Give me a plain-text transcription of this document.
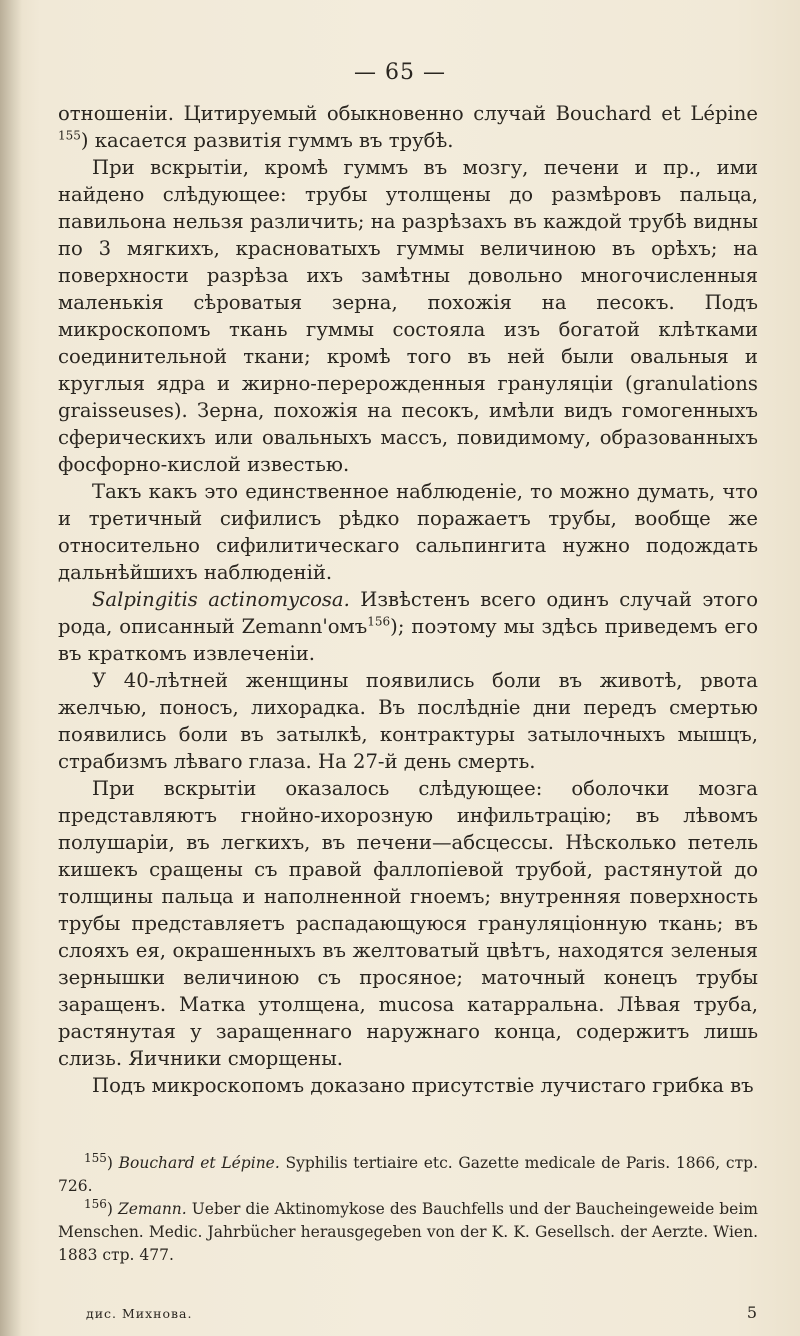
— 65 —

отношеніи. Цитируемый обыкновенно случай Bouchard et Lépine $^{155}$) касается развитія гуммъ въ трубѣ.

При вскрытіи, кромѣ гуммъ въ мозгу, печени и пр., ими найдено слѣдующее: трубы утолщены до размѣровъ пальца, павильона нельзя различить; на разрѣзахъ въ каждой трубѣ видны по 3 мягкихъ, красноватыхъ гуммы величиною въ орѣхъ; на поверхности разрѣза ихъ замѣтны довольно многочисленныя маленькія сѣроватыя зерна, похожія на песокъ. Подъ микроскопомъ ткань гуммы состояла изъ богатой клѣтками соединительной ткани; кромѣ того въ ней были овальныя и круглыя ядра и жирно-перерожденныя грануляціи (granulations graisseuses). Зерна, похожія на песокъ, имѣли видъ гомогенныхъ сферическихъ или овальныхъ массъ, повидимому, образованныхъ фосфорно-кислой известью.

Такъ какъ это единственное наблюденіе, то можно думать, что и третичный сифилисъ рѣдко поражаетъ трубы, вообще же относительно сифилитическаго сальпингита нужно подождать дальнѣйшихъ наблюденій.

Salpingitis actinomycosa. Извѣстенъ всего одинъ случай этого рода, описанный Zemann'омъ$^{156}$); поэтому мы здѣсь приведемъ его въ краткомъ извлеченіи.

У 40-лѣтней женщины появились боли въ животѣ, рвота желчью, поносъ, лихорадка. Въ послѣдніе дни передъ смертью появились боли въ затылкѣ, контрактуры затылочныхъ мышцъ, страбизмъ лѣваго глаза. На 27-й день смерть.

При вскрытіи оказалось слѣдующее: оболочки мозга представляютъ гнойно-ихорозную инфильтрацію; въ лѣвомъ полушаріи, въ легкихъ, въ печени—абсцессы. Нѣсколько петель кишекъ сращены съ правой фаллопіевой трубой, растянутой до толщины пальца и наполненной гноемъ; внутренняя поверхность трубы представляетъ распадающуюся грануляціонную ткань; въ слояхъ ея, окрашенныхъ въ желтоватый цвѣтъ, находятся зеленыя зернышки величиною съ просяное; маточный конецъ трубы заращенъ. Матка утолщена, mucosa катарральна. Лѣвая труба, растянутая у заращеннаго наружнаго конца, содержитъ лишь слизь. Яичники сморщены.

Подъ микроскопомъ доказано присутствіе лучистаго грибка въ

$^{155}$) Bouchard et Lépine. Syphilis tertiaire etc. Gazette medicale de Paris. 1866, стр. 726.

$^{156}$) Zemann. Ueber die Aktinomykose des Bauchfells und der Baucheingeweide beim Menschen. Medic. Jahrbücher herausgegeben von der K. K. Gesellsch. der Aerzte. Wien. 1883 стр. 477.

дис. Михнова.	5
